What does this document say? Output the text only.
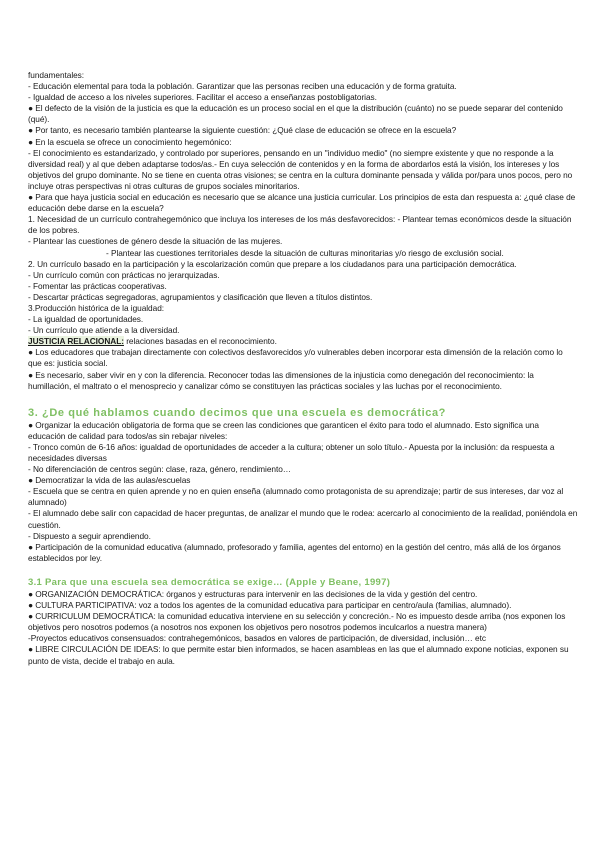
fundamentales:

- Educación elemental para toda la población. Garantizar que las personas reciben una educación y de forma gratuita.

- Igualdad de acceso a los niveles superiores. Facilitar el acceso a enseñanzas postobligatorias.

● El defecto de la visión de la justicia es que la educación es un proceso social en el que la distribución (cuánto) no se puede separar del contenido (qué).

● Por tanto, es necesario también plantearse la siguiente cuestión: ¿Qué clase de educación se ofrece en la escuela?

● En la escuela se ofrece un conocimiento hegemónico:

- El conocimiento es estandarizado, y controlado por superiores, pensando en un "individuo medio" (no siempre existente y que no responde a la diversidad real) y al que deben adaptarse todos/as.- En cuya selección de contenidos y en la forma de abordarlos está la visión, los intereses y los objetivos del grupo dominante. No se tiene en cuenta otras visiones; se centra en la cultura dominante pensada y válida por/para unos pocos, pero no incluye otras perspectivas ni otras culturas de grupos sociales minoritarios.

● Para que haya justicia social en educación es necesario que se alcance una justicia curricular. Los principios de esta dan respuesta a: ¿qué clase de educación debe darse en la escuela?

1. Necesidad de un currículo contrahegemónico que incluya los intereses de los más desfavorecidos: - Plantear temas económicos desde la situación de los pobres.

- Plantear las cuestiones de género desde la situación de las mujeres.

- Plantear las cuestiones territoriales desde la situación de culturas minoritarias y/o riesgo de exclusión social.

2. Un currículo basado en la participación y la escolarización común que prepare a los ciudadanos para una participación democrática.

- Un currículo común con prácticas no jerarquizadas.

- Fomentar las prácticas cooperativas.

- Descartar prácticas segregadoras, agrupamientos y clasificación que lleven a títulos distintos.

3.Producción histórica de la igualdad:

- La igualdad de oportunidades.

- Un currículo que atiende a la diversidad.

JUSTICIA RELACIONAL: relaciones basadas en el reconocimiento.

● Los educadores que trabajan directamente con colectivos desfavorecidos y/o vulnerables deben incorporar esta dimensión de la relación como lo que es: justicia social.

● Es necesario, saber vivir en y con la diferencia. Reconocer todas las dimensiones de la injusticia como denegación del reconocimiento: la humillación, el maltrato o el menosprecio y canalizar cómo se constituyen las prácticas sociales y las luchas por el reconocimiento.

3. ¿De qué hablamos cuando decimos que una escuela es democrática?

● Organizar la educación obligatoria de forma que se creen las condiciones que garanticen el éxito para todo el alumnado. Esto significa una educación de calidad para todos/as sin rebajar niveles:

- Tronco común de 6-16 años: igualdad de oportunidades de acceder a la cultura; obtener un solo título.- Apuesta por la inclusión: da respuesta a necesidades diversas

- No diferenciación de centros según: clase, raza, género, rendimiento…

● Democratizar la vida de las aulas/escuelas

- Escuela que se centra en quien aprende y no en quien enseña (alumnado como protagonista de su aprendizaje; partir de sus intereses, dar voz al alumnado)

- El alumnado debe salir con capacidad de hacer preguntas, de analizar el mundo que le rodea: acercarlo al conocimiento de la realidad, poniéndola en cuestión.

- Dispuesto a seguir aprendiendo.

● Participación de la comunidad educativa (alumnado, profesorado y familia, agentes del entorno) en la gestión del centro, más allá de los órganos establecidos por ley.

3.1 Para que una escuela sea democrática se exige… (Apple y Beane, 1997)

● ORGANIZACIÓN DEMOCRÁTICA: órganos y estructuras para intervenir en las decisiones de la vida y gestión del centro.

● CULTURA PARTICIPATIVA: voz a todos los agentes de la comunidad educativa para participar en centro/aula (familias, alumnado).

● CURRICULUM DEMOCRÁTICA: la comunidad educativa interviene en su selección y concreción.- No es impuesto desde arriba (nos exponen los objetivos pero nosotros podemos (a nosotros nos exponen los objetivos pero nosotros podemos inculcarlos a nuestra manera)

-Proyectos educativos consensuados: contrahegemónicos, basados en valores de participación, de diversidad, inclusión… etc

● LIBRE CIRCULACIÓN DE IDEAS: lo que permite estar bien informados, se hacen asambleas en las que el alumnado expone noticias, exponen su punto de vista, decide el trabajo en aula.
